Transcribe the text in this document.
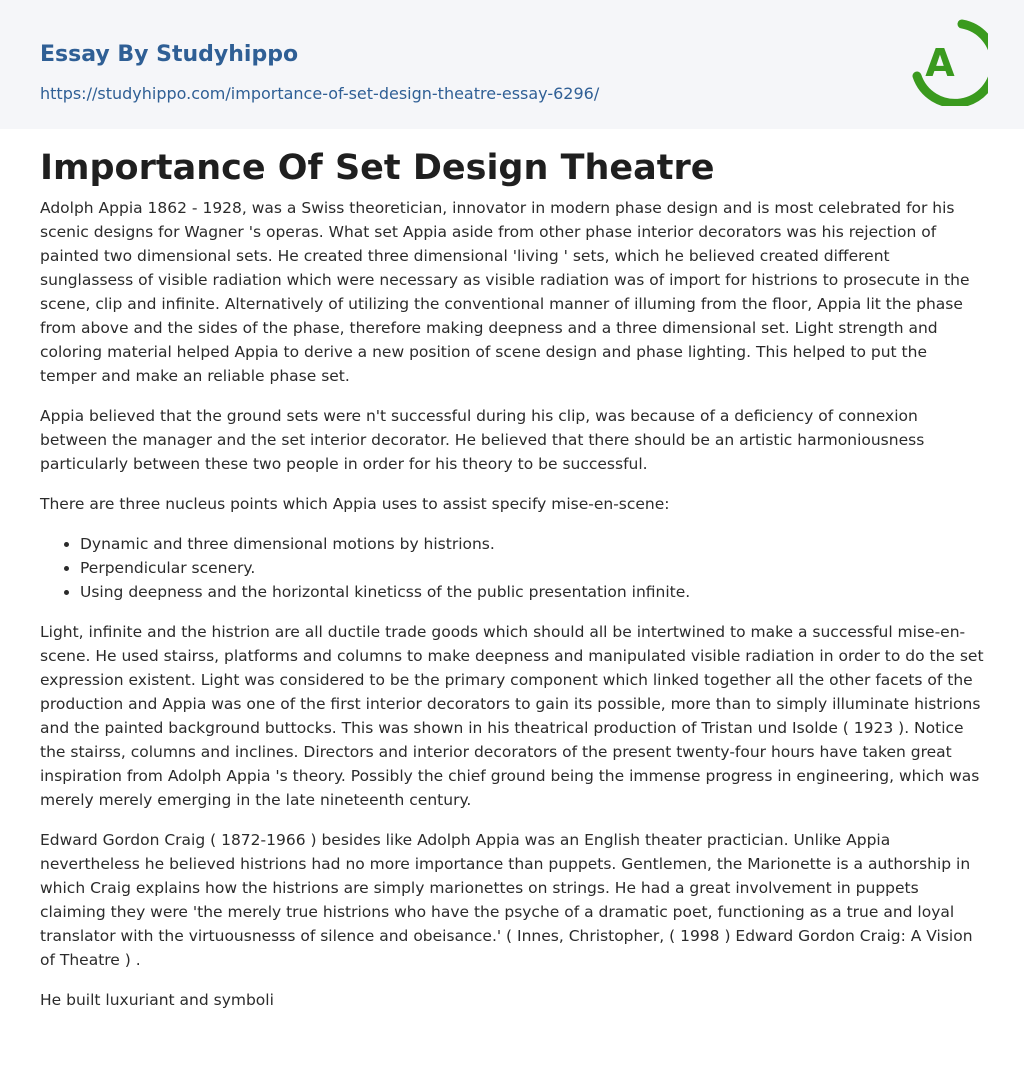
Essay By Studyhippo
https://studyhippo.com/importance-of-set-design-theatre-essay-6296/
A
Importance Of Set Design Theatre

Adolph Appia 1862 - 1928, was a Swiss theoretician, innovator in modern phase design and is most celebrated for his scenic designs for Wagner 's operas. What set Appia aside from other phase interior decorators was his rejection of painted two dimensional sets. He created three dimensional 'living ' sets, which he believed created different sunglassess of visible radiation which were necessary as visible radiation was of import for histrions to prosecute in the scene, clip and infinite. Alternatively of utilizing the conventional manner of illuming from the floor, Appia lit the phase from above and the sides of the phase, therefore making deepness and a three dimensional set. Light strength and coloring material helped Appia to derive a new position of scene design and phase lighting. This helped to put the temper and make an reliable phase set.

Appia believed that the ground sets were n't successful during his clip, was because of a deficiency of connexion between the manager and the set interior decorator. He believed that there should be an artistic harmoniousness particularly between these two people in order for his theory to be successful.

There are three nucleus points which Appia uses to assist specify mise-en-scene:

• Dynamic and three dimensional motions by histrions.
• Perpendicular scenery.
• Using deepness and the horizontal kineticss of the public presentation infinite.

Light, infinite and the histrion are all ductile trade goods which should all be intertwined to make a successful mise-en-scene. He used stairss, platforms and columns to make deepness and manipulated visible radiation in order to do the set expression existent. Light was considered to be the primary component which linked together all the other facets of the production and Appia was one of the first interior decorators to gain its possible, more than to simply illuminate histrions and the painted background buttocks. This was shown in his theatrical production of Tristan und Isolde ( 1923 ). Notice the stairss, columns and inclines. Directors and interior decorators of the present twenty-four hours have taken great inspiration from Adolph Appia 's theory. Possibly the chief ground being the immense progress in engineering, which was merely merely emerging in the late nineteenth century.

Edward Gordon Craig ( 1872-1966 ) besides like Adolph Appia was an English theater practician. Unlike Appia nevertheless he believed histrions had no more importance than puppets. Gentlemen, the Marionette is a authorship in which Craig explains how the histrions are simply marionettes on strings. He had a great involvement in puppets claiming they were 'the merely true histrions who have the psyche of a dramatic poet, functioning as a true and loyal translator with the virtuousnesss of silence and obeisance.' ( Innes, Christopher, ( 1998 ) Edward Gordon Craig: A Vision of Theatre ) .

He built luxuriant and symboli
